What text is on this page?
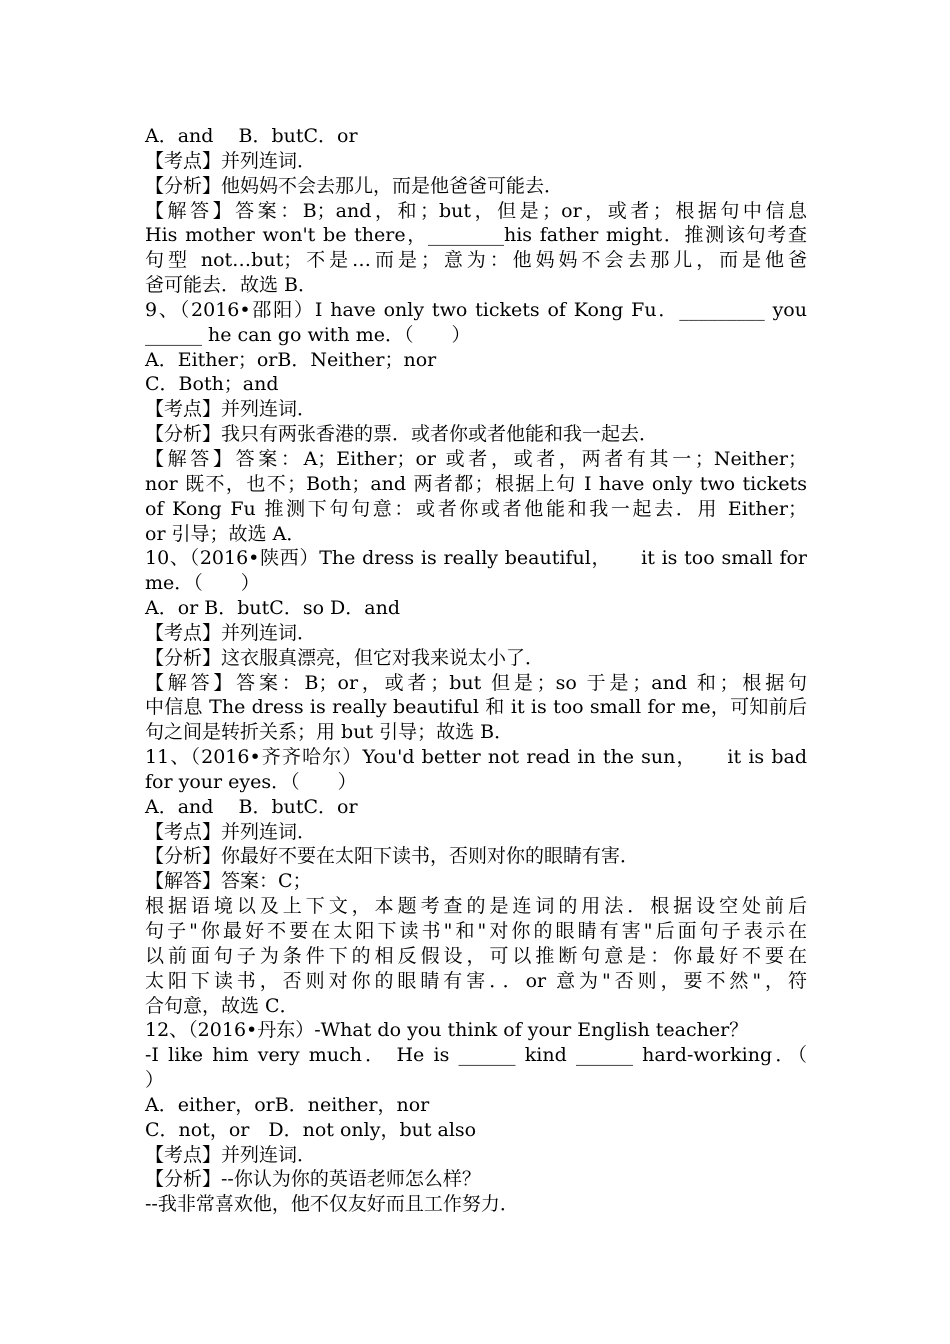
A．and　 B．butC．or
【考点】并列连词．
【分析】他妈妈不会去那儿，而是他爸爸可能去．
【解答】答案：B；and，和；but，但是；or，或者；根据句中信息
His mother won't be there，________his father might．推测该句考查
句型 not…but；不是…而是；意为：他妈妈不会去那儿，而是他爸
爸可能去．故选 B．
9、（2016•邵阳）I have only two tickets of Kong Fu．_________ you
______ he can go with me．（　　）
A．Either；orB．Neither；nor
C．Both；and
【考点】并列连词．
【分析】我只有两张香港的票．或者你或者他能和我一起去．
【解答】答案：A；Either；or 或者，或者，两者有其一；Neither；
nor 既不，也不；Both；and 两者都；根据上句 I have only two tickets
of Kong Fu 推测下句句意：或者你或者他能和我一起去．用 Either；
or 引导；故选 A．
10、（2016•陕西）The dress is really beautiful，　　it is too small for
me．（　　）
A．or B．butC．so D．and
【考点】并列连词．
【分析】这衣服真漂亮，但它对我来说太小了．
【解答】答案：B；or，或者；but 但是；so 于是；and 和；根据句
中信息 The dress is really beautiful 和 it is too small for me，可知前后
句之间是转折关系；用 but 引导；故选 B．
11、（2016•齐齐哈尔）You'd better not read in the sun，　　it is bad
for your eyes．（　　）
A．and　 B．butC．or
【考点】并列连词．
【分析】你最好不要在太阳下读书，否则对你的眼睛有害．
【解答】答案：C；
根据语境以及上下文，本题考查的是连词的用法．根据设空处前后
句子"你最好不要在太阳下读书"和"对你的眼睛有害"后面句子表示在
以前面句子为条件下的相反假设，可以推断句意是：你最好不要在
太阳下读书，否则对你的眼睛有害．．or 意为"否则，要不然"，符
合句意，故选 C．
12、（2016•丹东）-What do you think of your English teacher？
-I like him very much． He is ______ kind ______ hard-working．（
）
A．either，orB．neither，nor
C．not，or　D．not only，but also
【考点】并列连词．
【分析】--你认为你的英语老师怎么样？
--我非常喜欢他，他不仅友好而且工作努力．
